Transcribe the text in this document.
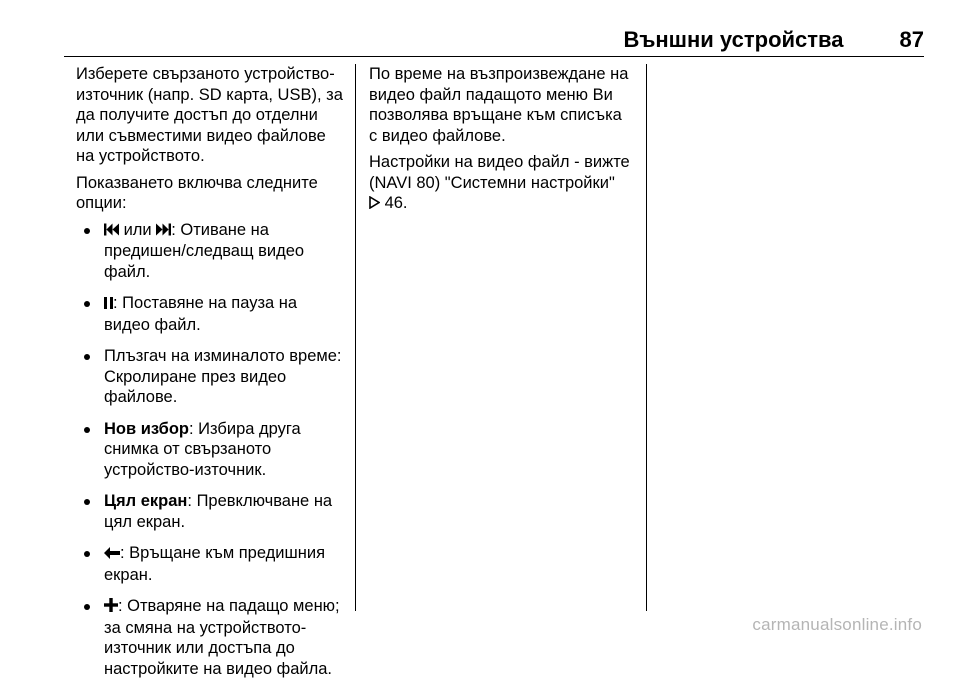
Външни устройства	87

Изберете свързаното устройство-източник (напр. SD карта, USB), за да получите достъп до отделни или съвместими видео файлове на устройството.

Показването включва следните опции:

или : Отиване на предишен/следващ видео файл.
: Поставяне на пауза на видео файл.
Плъзгач на изминалото време: Скролиране през видео файлове.
Нов избор: Избира друга снимка от свързаното устройство-източник.
Цял екран: Превключване на цял екран.
: Връщане към предишния екран.
: Отваряне на падащо меню; за смяна на устройството-източник или достъпа до настройките на видео файла.

По време на възпроизвеждане на видео файл падащото меню Ви позволява връщане към списъка с видео файлове.

Настройки на видео файл - вижте (NAVI 80) "Системни настройки"
46.

carmanualsonline.info
